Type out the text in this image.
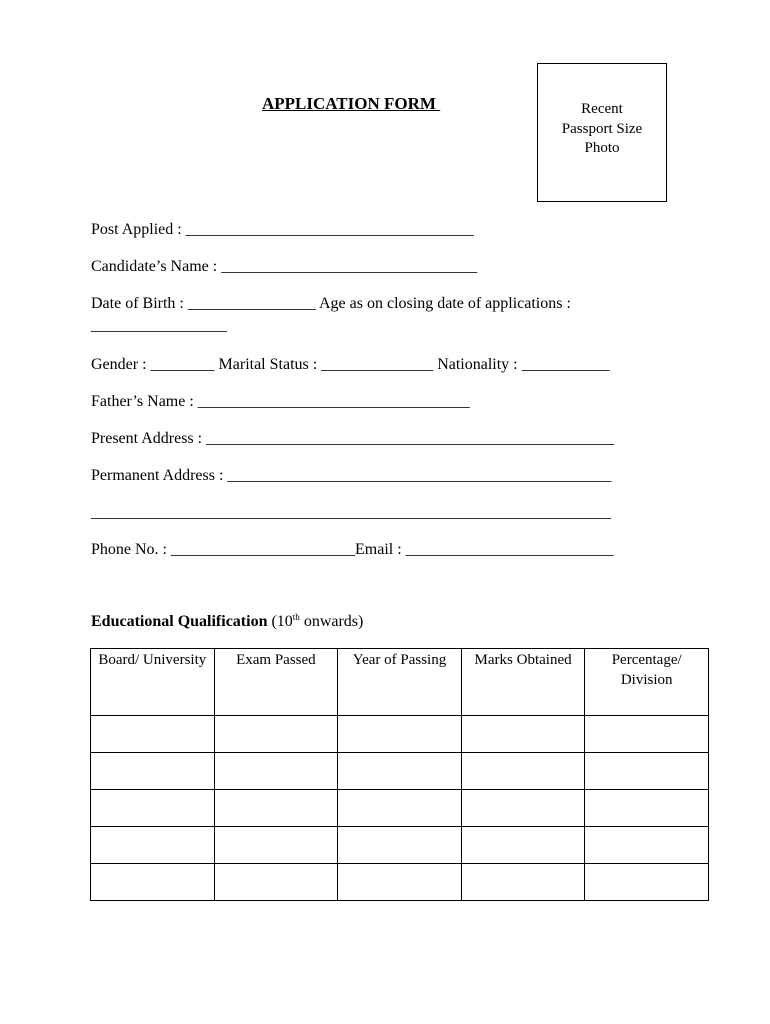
APPLICATION FORM	Recent
Passport Size
Photo
Post Applied : ____________________________________
Candidate’s Name : ________________________________
Date of Birth : ________________ Age as on closing date of applications :
_________________
Gender : ________ Marital Status : ______________ Nationality : ___________
Father’s Name : __________________________________
Present Address : ___________________________________________________
Permanent Address : ________________________________________________
_________________________________________________________________
Phone No. : _______________________Email : __________________________
Educational Qualification (10th onwards)
Board/ University	Exam Passed	Year of Passing	Marks Obtained	Percentage/ Division
